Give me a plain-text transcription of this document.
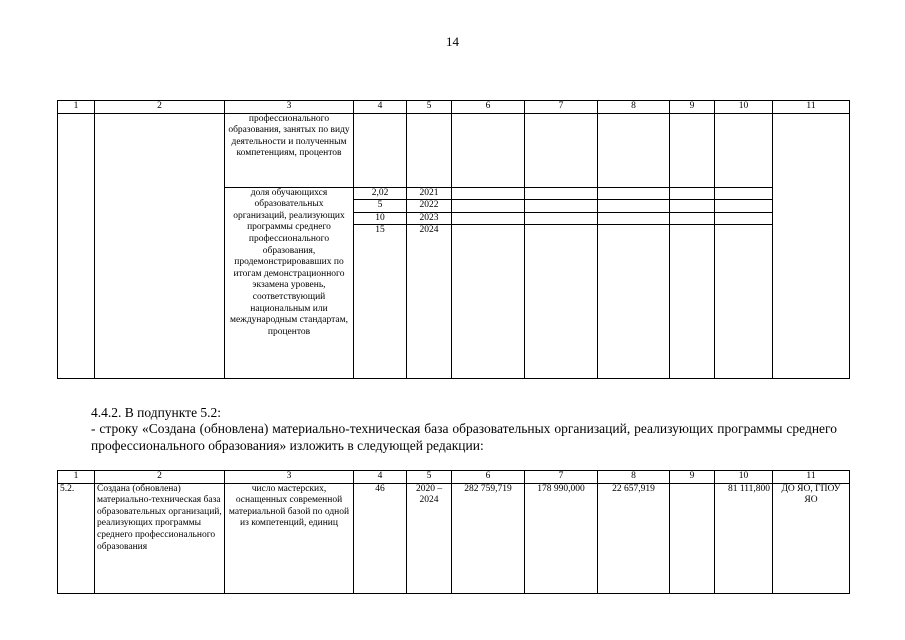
14
1	2	3	4	5	6	7	8	9	10	11
		профессионального образования, занятых по виду деятельности и полученным компетенциям, процентов								
		доля обучающихся образовательных организаций, реализующих программы среднего профессионального образования, продемонстрировавших по итогам демонстрационного экзамена уровень, соответствующий национальным или международным стандартам, процентов	2,02	2021						
			5	2022						
			10	2023						
			15	2024						
4.4.2. В подпункте 5.2:
- строку «Создана (обновлена) материально-техническая база образовательных организаций, реализующих программы среднего профессионального образования» изложить в следующей редакции:
1	2	3	4	5	6	7	8	9	10	11
5.2.	Создана (обновлена) материально-техническая база образовательных организаций, реализующих программы среднего профессионального образования	число мастерских, оснащенных современной материальной базой по одной из компетенций, единиц	46	2020 – 2024	282 759,719	178 990,000	22 657,919		81 111,800	ДО ЯО, ГПОУ ЯО
